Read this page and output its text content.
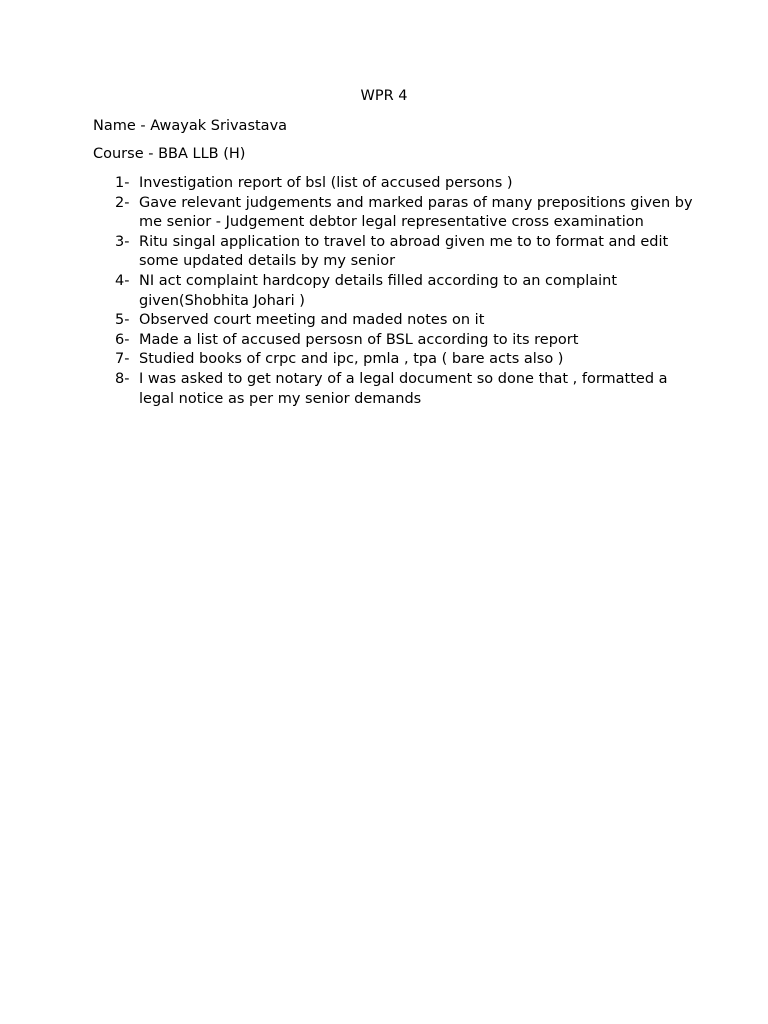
WPR 4
Name - Awayak Srivastava
Course - BBA LLB (H)
1- Investigation report of bsl (list of accused persons )
2- Gave relevant judgements and marked paras of many prepositions given by me senior - Judgement debtor legal representative cross examination
3- Ritu singal application to travel to abroad given me to to format and edit some updated details by my senior
4- NI act complaint hardcopy details filled according to an complaint given(Shobhita Johari )
5- Observed court meeting and maded notes on it
6- Made a list of accused persosn of BSL according to its report
7- Studied books of crpc and ipc, pmla , tpa ( bare acts also )
8- I was asked to get notary of a legal document so done that , formatted a legal notice as per my senior demands
